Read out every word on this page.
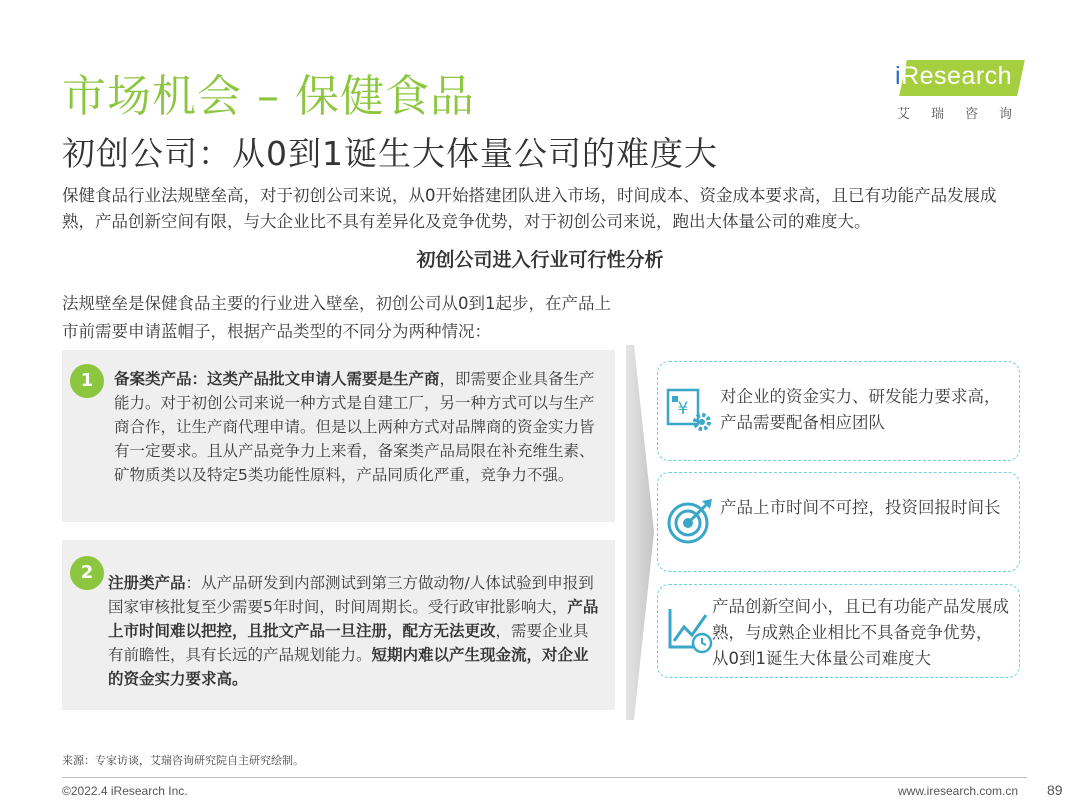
市场机会 – 保健食品
初创公司：从0到1诞生大体量公司的难度大
iResearch
艾瑞咨询
保健食品行业法规壁垒高，对于初创公司来说，从0开始搭建团队进入市场，时间成本、资金成本要求高，且已有功能产品发展成熟，产品创新空间有限，与大企业比不具有差异化及竞争优势，对于初创公司来说，跑出大体量公司的难度大。
初创公司进入行业可行性分析
法规壁垒是保健食品主要的行业进入壁垒，初创公司从0到1起步，在产品上市前需要申请蓝帽子，根据产品类型的不同分为两种情况：
1	备案类产品：这类产品批文申请人需要是生产商，即需要企业具备生产能力。对于初创公司来说一种方式是自建工厂，另一种方式可以与生产商合作，让生产商代理申请。但是以上两种方式对品牌商的资金实力皆有一定要求。且从产品竞争力上来看，备案类产品局限在补充维生素、矿物质类以及特定5类功能性原料，产品同质化严重，竞争力不强。
2 注册类产品：从产品研发到内部测试到第三方做动物/人体试验到申报到国家审核批复至少需要5年时间，时间周期长。受行政审批影响大，产品上市时间难以把控，且批文产品一旦注册，配方无法更改，需要企业具有前瞻性，具有长远的产品规划能力。短期内难以产生现金流，对企业的资金实力要求高。
¥
对企业的资金实力、研发能力要求高，产品需要配备相应团队
产品上市时间不可控，投资回报时间长
产品创新空间小，且已有功能产品发展成熟，与成熟企业相比不具备竞争优势， 从0到1诞生大体量公司难度大
来源：专家访谈，艾瑞咨询研究院自主研究绘制。
©2022.4 iResearch Inc.	www.iresearch.com.cn 89
